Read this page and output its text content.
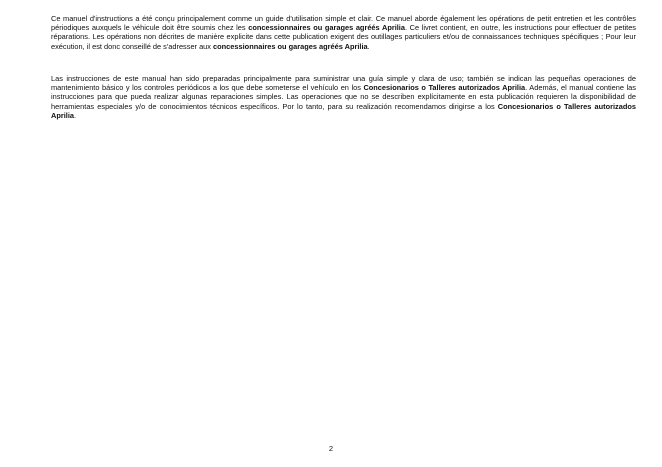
Ce manuel d'instructions a été conçu principalement comme un guide d'utilisation simple et clair. Ce manuel aborde également les opérations de petit entretien et les contrôles périodiques auxquels le véhicule doit être soumis chez les concessionnaires ou garages agréés Aprilia. Ce livret contient, en outre, les instructions pour effectuer de petites réparations. Les opérations non décrites de manière explicite dans cette publication exigent des outillages particuliers et/ou de connaissances techniques spécifiques ; Pour leur exécution, il est donc conseillé de s'adresser aux concessionnaires ou garages agréés Aprilia.

Las instrucciones de este manual han sido preparadas principalmente para suministrar una guía simple y clara de uso; también se indican las pequeñas operaciones de mantenimiento básico y los controles periódicos a los que debe someterse el vehículo en los Concesionarios o Talleres autorizados Aprilia. Además, el manual contiene las instrucciones para que pueda realizar algunas reparaciones simples. Las operaciones que no se describen explícitamente en esta publicación requieren la disponibilidad de herramientas especiales y/o de conocimientos técnicos específicos. Por lo tanto, para su realización recomendamos dirigirse a los Concesionarios o Talleres autorizados Aprilia.

2
